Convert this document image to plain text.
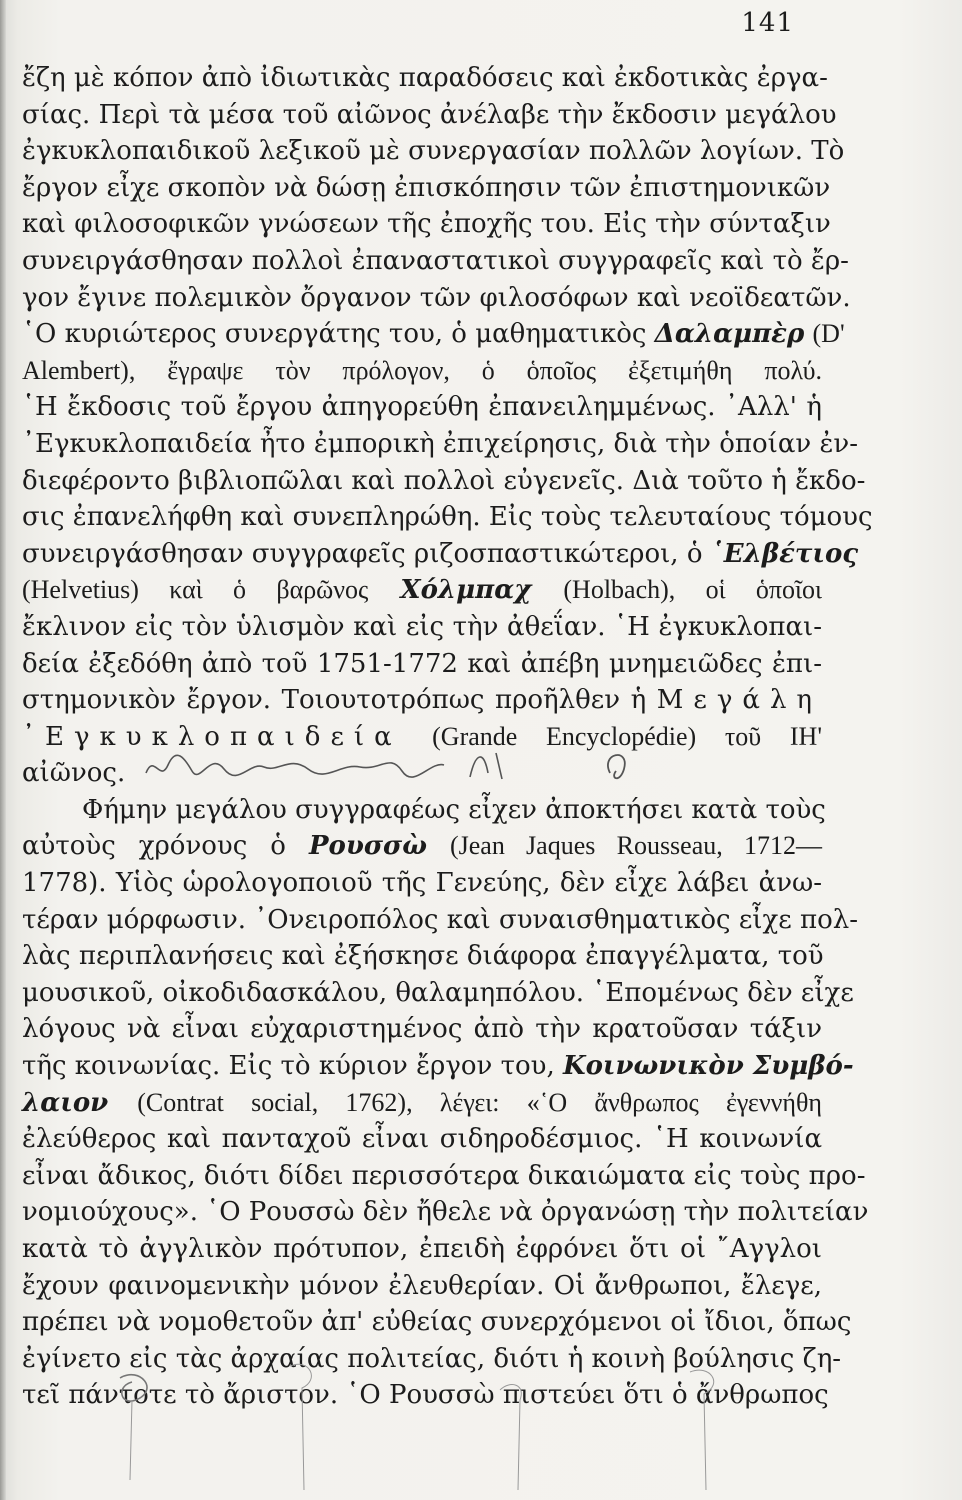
141
ἔζη μὲ κόπον ἀπὸ ἰδιωτικὰς παραδόσεις καὶ ἐκδοτικὰς ἐργα-
σίας. Περὶ τὰ μέσα τοῦ αἰῶνος ἀνέλαβε τὴν ἔκδοσιν μεγάλου
ἐγκυκλοπαιδικοῦ λεξικοῦ μὲ συνεργασίαν πολλῶν λογίων. Τὸ
ἔργον εἶχε σκοπὸν νὰ δώσῃ ἐπισκόπησιν τῶν ἐπιστημονικῶν
καὶ φιλοσοφικῶν γνώσεων τῆς ἐποχῆς του. Εἰς τὴν σύνταξιν
συνειργάσθησαν πολλοὶ ἐπαναστατικοὶ συγγραφεῖς καὶ τὸ ἔρ-
γον ἔγινε πολεμικὸν ὄργανον τῶν φιλοσόφων καὶ νεοϊδεατῶν.
῾Ο κυριώτερος συνεργάτης του, ὁ μαθηματικὸς Δαλαμπὲρ (D'
Alembert), ἔγραψε τὸν πρόλογον, ὁ ὁποῖος ἐξετιμήθη πολύ.
῾Η ἔκδοσις τοῦ ἔργου ἀπηγορεύθη ἐπανειλημμένως. ᾿Αλλ' ἡ
᾿Εγκυκλοπαιδεία ἦτο ἐμπορικὴ ἐπιχείρησις, διὰ τὴν ὁποίαν ἐν-
διεφέροντο βιβλιοπῶλαι καὶ πολλοὶ εὐγενεῖς. Διὰ τοῦτο ἡ ἔκδο-
σις ἐπανελήφθη καὶ συνεπληρώθη. Εἰς τοὺς τελευταίους τόμους
συνειργάσθησαν συγγραφεῖς ριζοσπαστικώτεροι, ὁ ῾Ελβέτιος
(Helvetius) καὶ ὁ βαρῶνος Χόλμπαχ (Holbach), οἱ ὁποῖοι
ἔκλινον εἰς τὸν ὑλισμὸν καὶ εἰς τὴν ἀθεΐαν. ῾Η ἐγκυκλοπαι-
δεία ἐξεδόθη ἀπὸ τοῦ 1751-1772 καὶ ἀπέβη μνημειῶδες ἐπι-
στημονικὸν ἔργον. Τοιουτοτρόπως προῆλθεν ἡ Μεγάλη
᾿Εγκυκλοπαιδεία (Grande Encyclopédie) τοῦ ΙΗ'
αἰῶνος.
Φήμην μεγάλου συγγραφέως εἶχεν ἀποκτήσει κατὰ τοὺς
αὐτοὺς χρόνους ὁ Ρουσσὼ (Jean Jaques Rousseau, 1712—
1778). Υἱὸς ὡρολογοποιοῦ τῆς Γενεύης, δὲν εἶχε λάβει ἀνω-
τέραν μόρφωσιν. ᾿Ονειροπόλος καὶ συναισθηματικὸς εἶχε πολ-
λὰς περιπλανήσεις καὶ ἐξήσκησε διάφορα ἐπαγγέλματα, τοῦ
μουσικοῦ, οἰκοδιδασκάλου, θαλαμηπόλου. ῾Επομένως δὲν εἶχε
λόγους νὰ εἶναι εὐχαριστημένος ἀπὸ τὴν κρατοῦσαν τάξιν
τῆς κοινωνίας. Εἰς τὸ κύριον ἔργον του, Κοινωνικὸν Συμβό-
λαιον (Contrat social, 1762), λέγει: «῾Ο ἄνθρωπος ἐγεννήθη
ἐλεύθερος καὶ πανταχοῦ εἶναι σιδηροδέσμιος. ῾Η κοινωνία
εἶναι ἄδικος, διότι δίδει περισσότερα δικαιώματα εἰς τοὺς προ-
νομιούχους». ῾Ο Ρουσσὼ δὲν ἤθελε νὰ ὀργανώσῃ τὴν πολιτείαν
κατὰ τὸ ἀγγλικὸν πρότυπον, ἐπειδὴ ἐφρόνει ὅτι οἱ ῎Αγγλοι
ἔχουν φαινομενικὴν μόνον ἐλευθερίαν. Οἱ ἄνθρωποι, ἔλεγε,
πρέπει νὰ νομοθετοῦν ἀπ' εὐθείας συνερχόμενοι οἱ ἴδιοι, ὅπως
ἐγίνετο εἰς τὰς ἀρχαίας πολιτείας, διότι ἡ κοινὴ βούλησις ζη-
τεῖ πάντοτε τὸ ἄριστον. ῾Ο Ρουσσὼ πιστεύει ὅτι ὁ ἄνθρωπος
